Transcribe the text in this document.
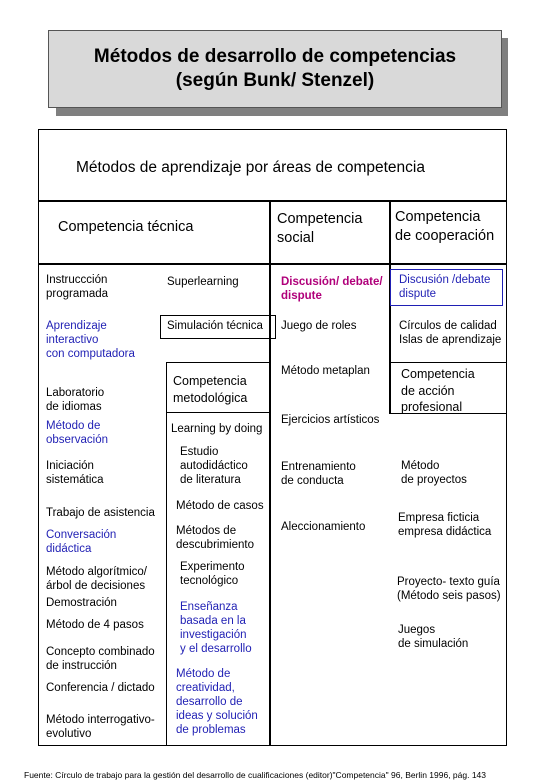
Métodos de desarrollo de competencias
(según Bunk/ Stenzel)
Métodos de aprendizaje por áreas de competencia
Competencia técnica	Competencia
social
Competencia
de cooperación
Competencia
metodológica
Competencia
de acción
profesional
Instruccción
programada
Aprendizaje
interactivo
con computadora
Laboratorio
de idiomas
Método de
observación
Iniciación
sistemática
Trabajo de asistencia
Conversación
didáctica
Método algorítmico/
árbol de decisiones
Demostración
Método de 4 pasos
Concepto combinado
de instrucción
Conferencia / dictado
Método interrogativo-
evolutivo
Superlearning
Simulación técnica
Learning by doing
Estudio
autodidáctico
de literatura
Método de casos
Métodos de
descubrimiento
Experimento
tecnológico
Enseñanza
basada en la
investigación
y el desarrollo
Método de
creatividad,
desarrollo de
ideas y solución
de problemas
Discusión/ debate/
dispute
Juego de roles
Método metaplan
Ejercicios artísticos
Entrenamiento
de conducta
Aleccionamiento
Discusión /debate
dispute
Círculos de calidad
Islas de aprendizaje
Método
de proyectos
Empresa ficticia
empresa didáctica
Proyecto- texto guía
(Método seis pasos)
Juegos
de simulación
Fuente: Círculo de trabajo para la gestión del desarrollo de cualificaciones (editor)"Competencia" 96, Berlin 1996, pág. 143
